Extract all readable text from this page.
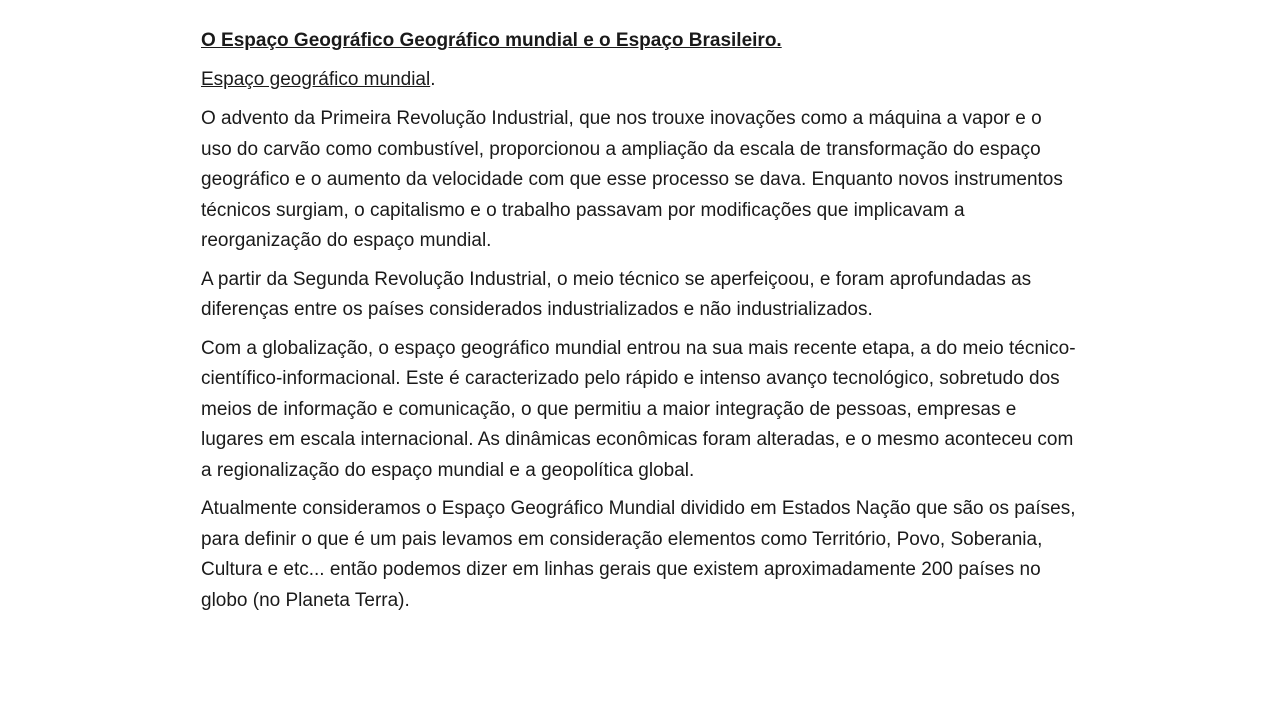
O Espaço Geográfico Geográfico mundial e o Espaço Brasileiro.

Espaço geográfico mundial.

O advento da Primeira Revolução Industrial, que nos trouxe inovações como a máquina a vapor e o uso do carvão como combustível, proporcionou a ampliação da escala de transformação do espaço geográfico e o aumento da velocidade com que esse processo se dava. Enquanto novos instrumentos técnicos surgiam, o capitalismo e o trabalho passavam por modificações que implicavam a reorganização do espaço mundial.

A partir da Segunda Revolução Industrial, o meio técnico se aperfeiçoou, e foram aprofundadas as diferenças entre os países considerados industrializados e não industrializados.

Com a globalização, o espaço geográfico mundial entrou na sua mais recente etapa, a do meio técnico-científico-informacional. Este é caracterizado pelo rápido e intenso avanço tecnológico, sobretudo dos meios de informação e comunicação, o que permitiu a maior integração de pessoas, empresas e lugares em escala internacional. As dinâmicas econômicas foram alteradas, e o mesmo aconteceu com a regionalização do espaço mundial e a geopolítica global.

Atualmente consideramos o Espaço Geográfico Mundial dividido em Estados Nação que são os países, para definir o que é um pais levamos em consideração elementos como Território, Povo, Soberania, Cultura e etc... então podemos dizer em linhas gerais que existem aproximadamente 200 países no globo (no Planeta Terra).
